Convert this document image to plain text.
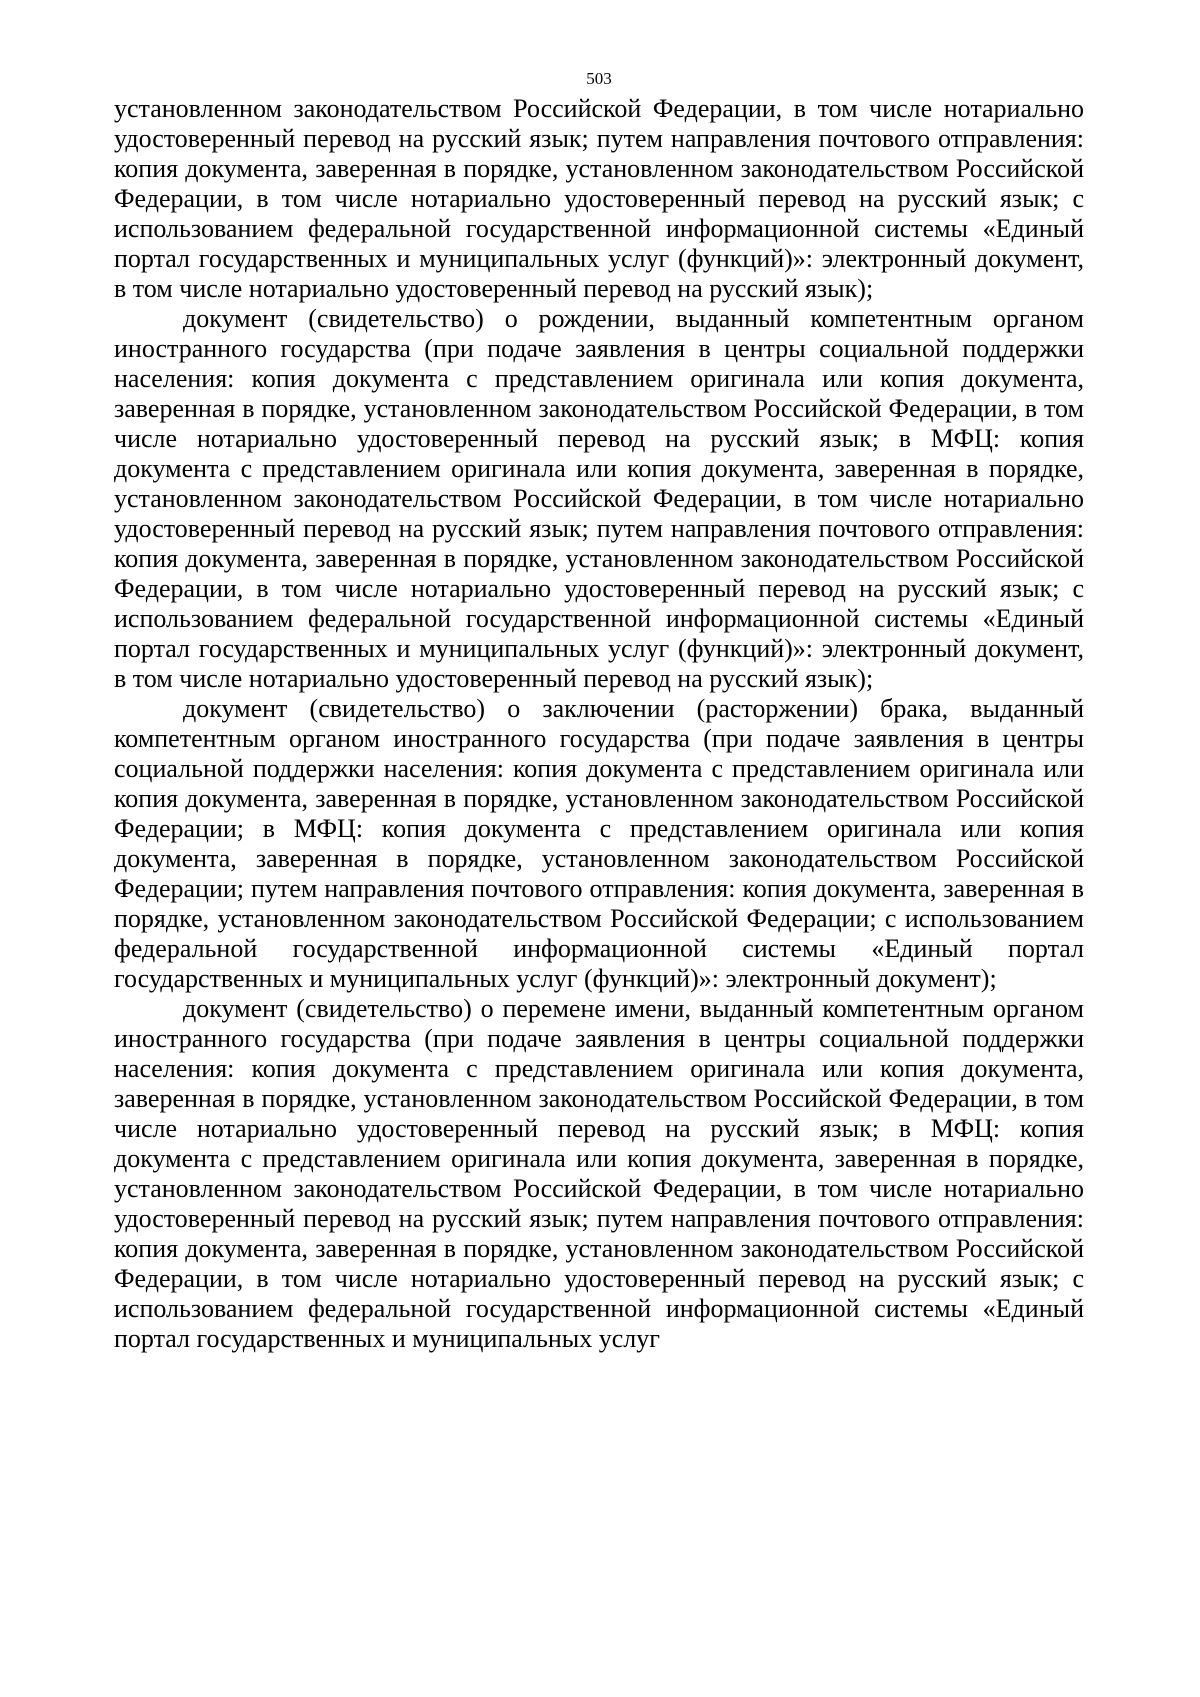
503

установленном законодательством Российской Федерации, в том числе нотариально удостоверенный перевод на русский язык; путем направления почтового отправления: копия документа, заверенная в порядке, установленном законодательством Российской Федерации, в том числе нотариально удостоверенный перевод на русский язык; с использованием федеральной государственной информационной системы «Единый портал государственных и муниципальных услуг (функций)»: электронный документ, в том числе нотариально удостоверенный перевод на русский язык);

документ (свидетельство) о рождении, выданный компетентным органом иностранного государства (при подаче заявления в центры социальной поддержки населения: копия документа с представлением оригинала или копия документа, заверенная в порядке, установленном законодательством Российской Федерации, в том числе нотариально удостоверенный перевод на русский язык; в МФЦ: копия документа с представлением оригинала или копия документа, заверенная в порядке, установленном законодательством Российской Федерации, в том числе нотариально удостоверенный перевод на русский язык; путем направления почтового отправления: копия документа, заверенная в порядке, установленном законодательством Российской Федерации, в том числе нотариально удостоверенный перевод на русский язык; с использованием федеральной государственной информационной системы «Единый портал государственных и муниципальных услуг (функций)»: электронный документ, в том числе нотариально удостоверенный перевод на русский язык);

документ (свидетельство) о заключении (расторжении) брака, выданный компетентным органом иностранного государства (при подаче заявления в центры социальной поддержки населения: копия документа с представлением оригинала или копия документа, заверенная в порядке, установленном законодательством Российской Федерации; в МФЦ: копия документа с представлением оригинала или копия документа, заверенная в порядке, установленном законодательством Российской Федерации; путем направления почтового отправления: копия документа, заверенная в порядке, установленном законодательством Российской Федерации; с использованием федеральной государственной информационной системы «Единый портал государственных и муниципальных услуг (функций)»: электронный документ);

документ (свидетельство) о перемене имени, выданный компетентным органом иностранного государства (при подаче заявления в центры социальной поддержки населения: копия документа с представлением оригинала или копия документа, заверенная в порядке, установленном законодательством Российской Федерации, в том числе нотариально удостоверенный перевод на русский язык; в МФЦ: копия документа с представлением оригинала или копия документа, заверенная в порядке, установленном законодательством Российской Федерации, в том числе нотариально удостоверенный перевод на русский язык; путем направления почтового отправления: копия документа, заверенная в порядке, установленном законодательством Российской Федерации, в том числе нотариально удостоверенный перевод на русский язык; с использованием федеральной государственной информационной системы «Единый портал государственных и муниципальных услуг
